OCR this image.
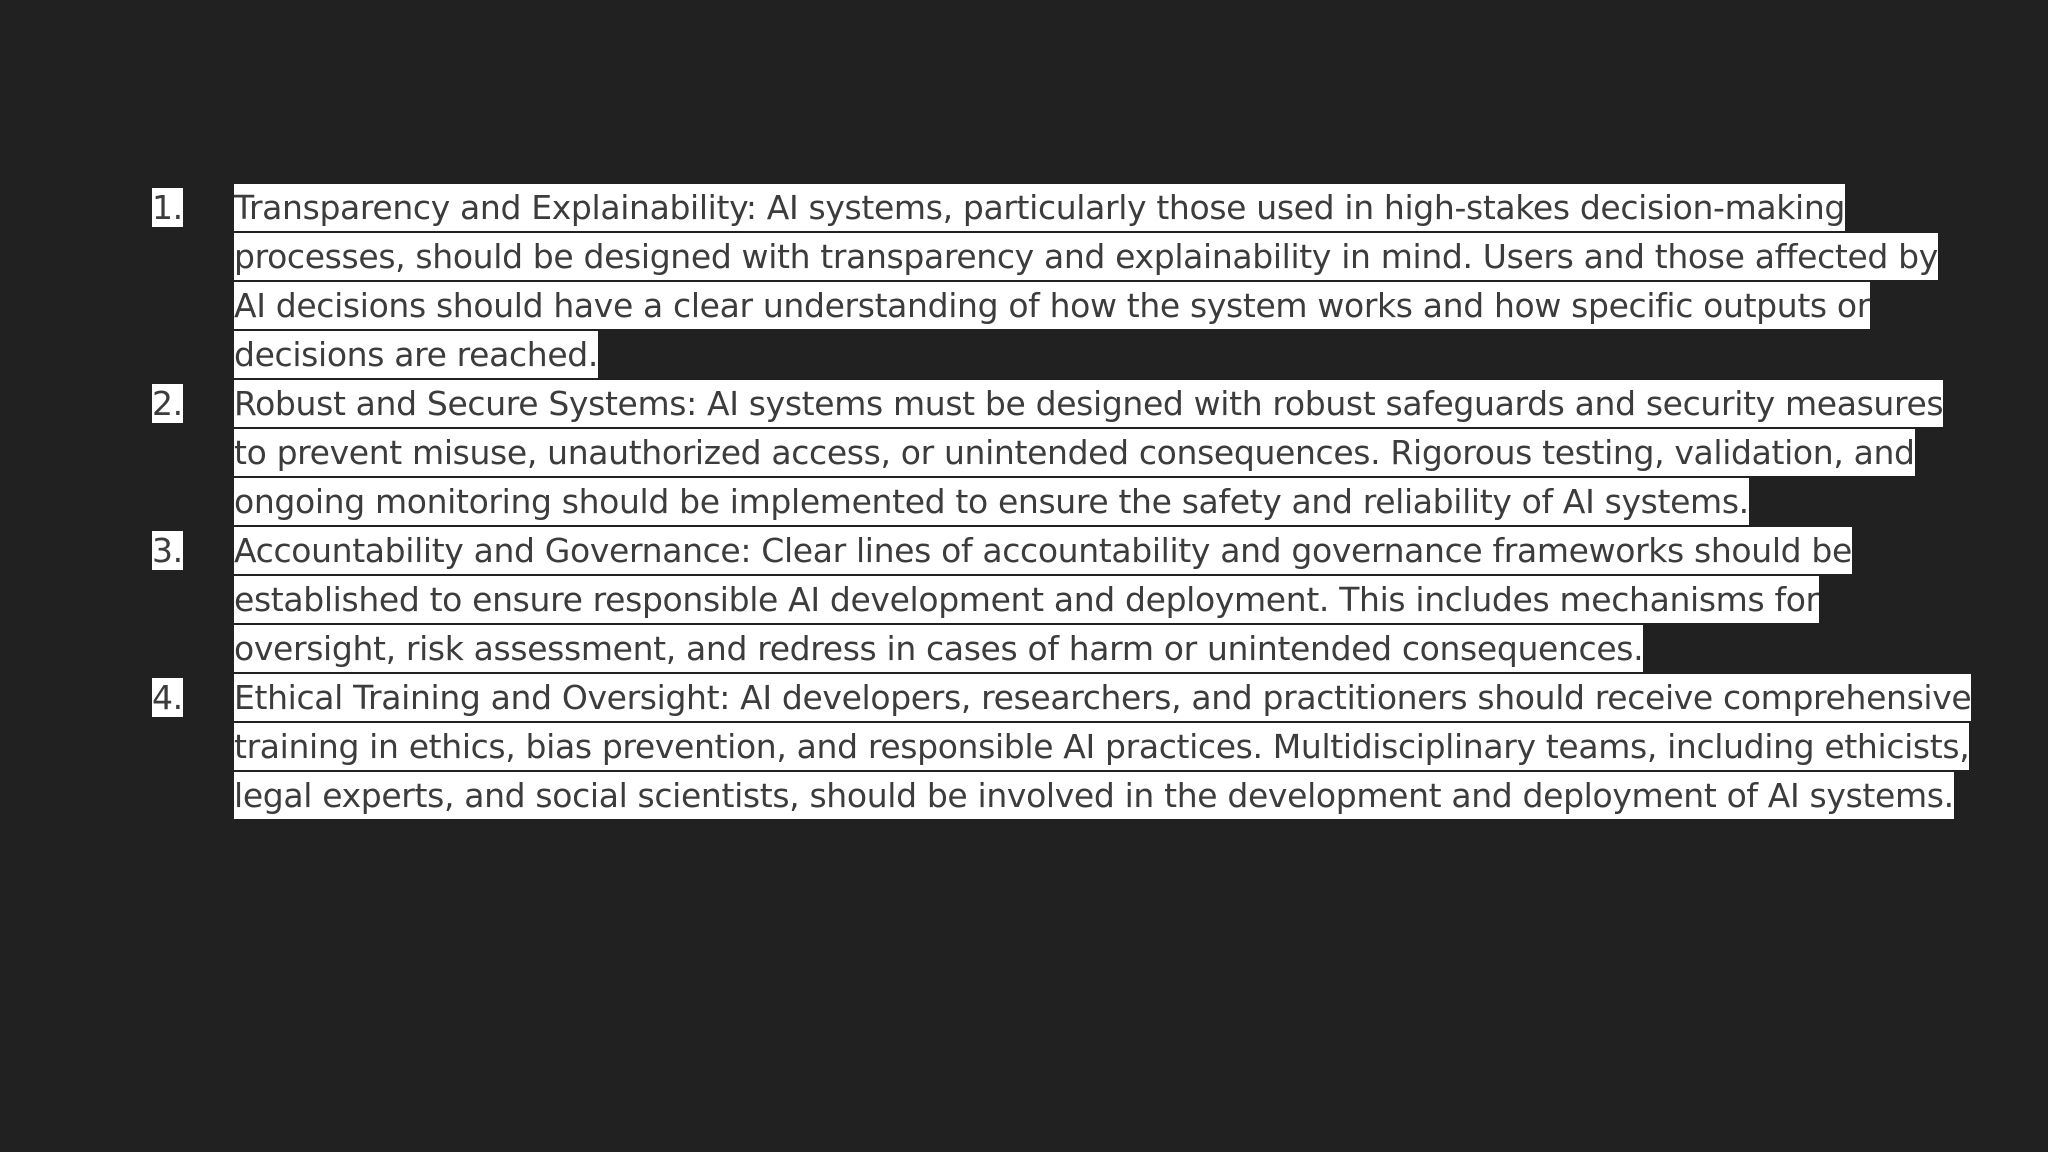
1.	Transparency and Explainability: AI systems, particularly those used in high-stakes decision-making processes, should be designed with transparency and explainability in mind. Users and those affected by AI decisions should have a clear understanding of how the system works and how specific outputs or decisions are reached.
2.	Robust and Secure Systems: AI systems must be designed with robust safeguards and security measures to prevent misuse, unauthorized access, or unintended consequences. Rigorous testing, validation, and ongoing monitoring should be implemented to ensure the safety and reliability of AI systems.
3.	Accountability and Governance: Clear lines of accountability and governance frameworks should be established to ensure responsible AI development and deployment. This includes mechanisms for oversight, risk assessment, and redress in cases of harm or unintended consequences.
4.	Ethical Training and Oversight: AI developers, researchers, and practitioners should receive comprehensive training in ethics, bias prevention, and responsible AI practices. Multidisciplinary teams, including ethicists, legal experts, and social scientists, should be involved in the development and deployment of AI systems.
